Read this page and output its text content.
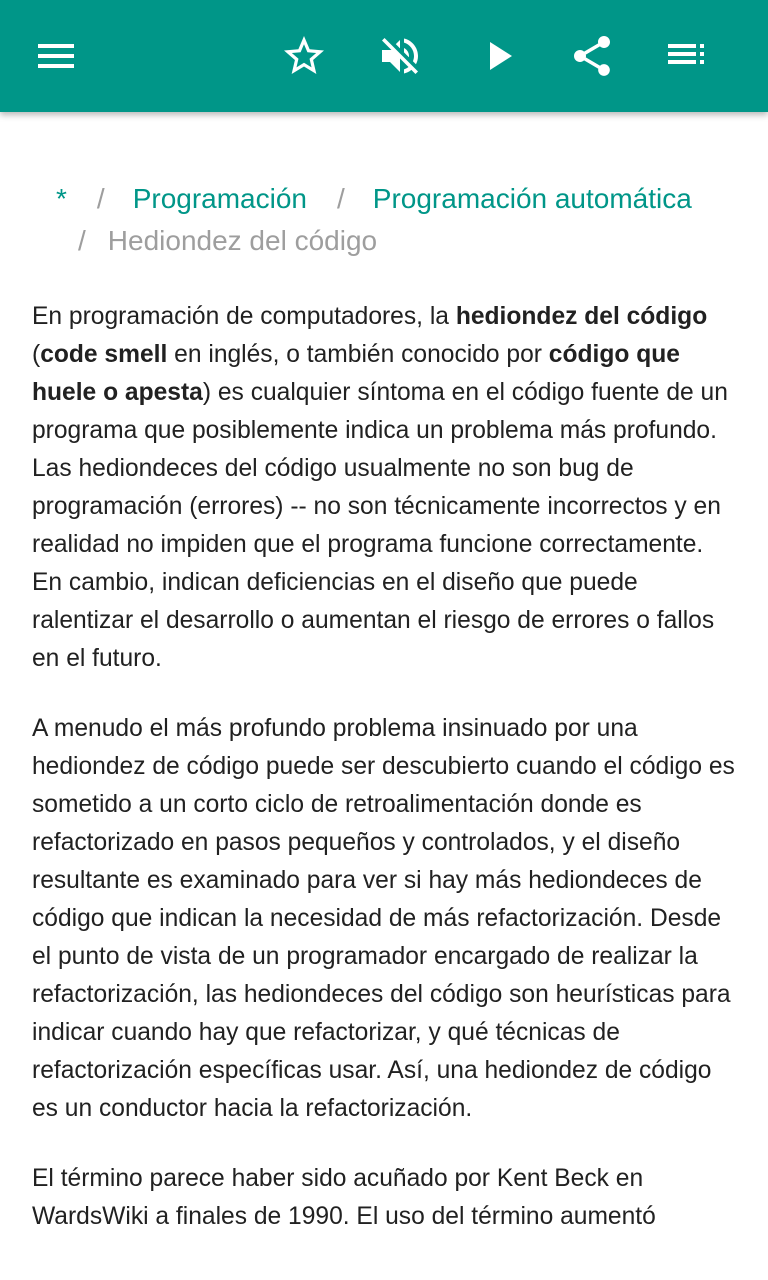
* / Programación / Programación automática
/ Hediondez del código

En programación de computadores, la hediondez del código (code smell en inglés, o también conocido por código que huele o apesta) es cualquier síntoma en el código fuente de un programa que posiblemente indica un problema más profundo. Las hediondeces del código usualmente no son bug de programación (errores) -- no son técnicamente incorrectos y en realidad no impiden que el programa funcione correctamente. En cambio, indican deficiencias en el diseño que puede ralentizar el desarrollo o aumentan el riesgo de errores o fallos en el futuro.

A menudo el más profundo problema insinuado por una hediondez de código puede ser descubierto cuando el código es sometido a un corto ciclo de retroalimentación donde es refactorizado en pasos pequeños y controlados, y el diseño resultante es examinado para ver si hay más hediondeces de código que indican la necesidad de más refactorización. Desde el punto de vista de un programador encargado de realizar la refactorización, las hediondeces del código son heurísticas para indicar cuando hay que refactorizar, y qué técnicas de refactorización específicas usar. Así, una hediondez de código es un conductor hacia la refactorización.

El término parece haber sido acuñado por Kent Beck en WardsWiki a finales de 1990. El uso del término aumentó
